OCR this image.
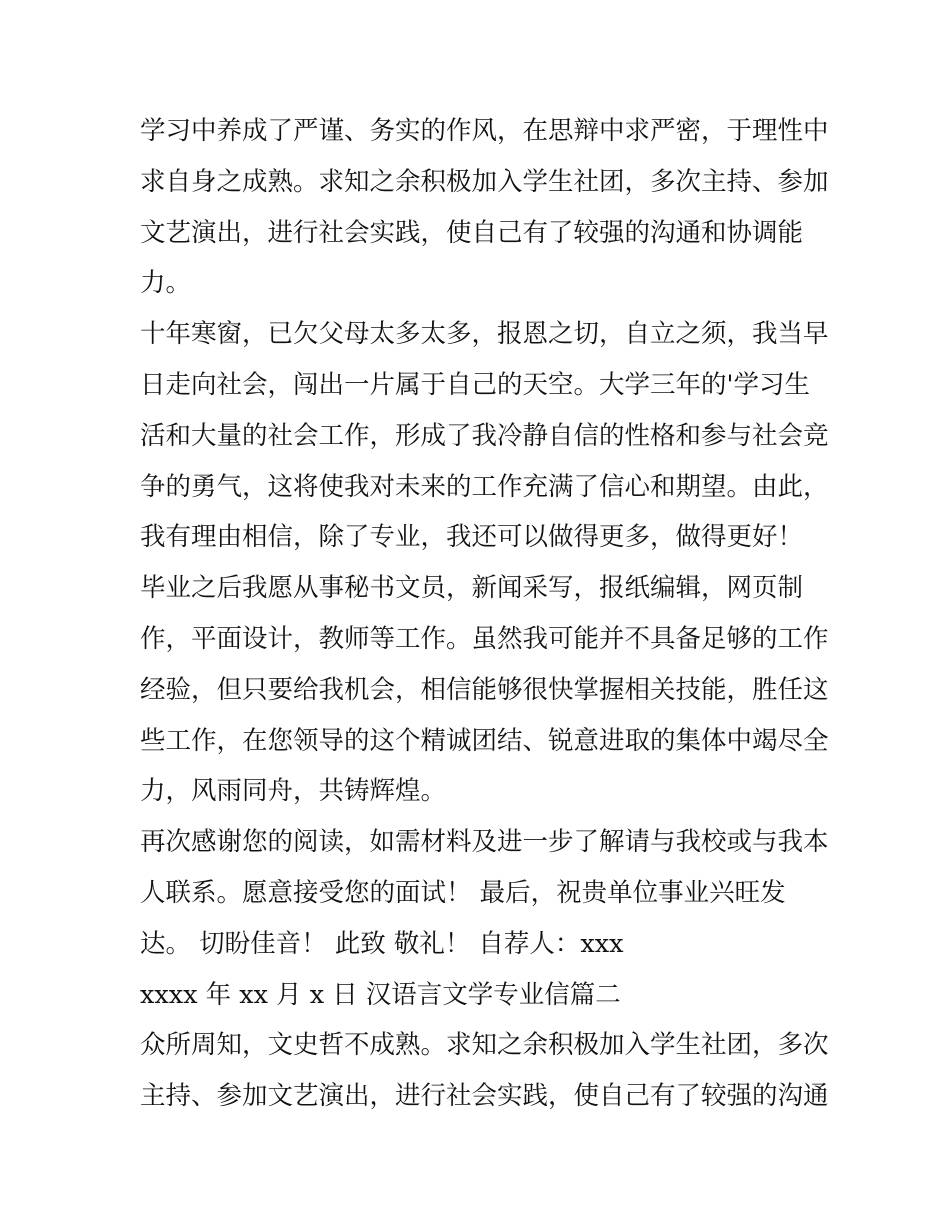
学习中养成了严谨、务实的作风，在思辩中求严密，于理性中
求自身之成熟。求知之余积极加入学生社团，多次主持、参加
文艺演出，进行社会实践，使自己有了较强的沟通和协调能
力。
十年寒窗，已欠父母太多太多，报恩之切，自立之须，我当早
日走向社会，闯出一片属于自己的天空。大学三年的'学习生
活和大量的社会工作，形成了我冷静自信的性格和参与社会竞
争的勇气，这将使我对未来的工作充满了信心和期望。由此，
我有理由相信，除了专业，我还可以做得更多，做得更好！
毕业之后我愿从事秘书文员，新闻采写，报纸编辑，网页制
作，平面设计，教师等工作。虽然我可能并不具备足够的工作
经验，但只要给我机会，相信能够很快掌握相关技能，胜任这
些工作，在您领导的这个精诚团结、锐意进取的集体中竭尽全
力，风雨同舟，共铸辉煌。
再次感谢您的阅读，如需材料及进一步了解请与我校或与我本
人联系。愿意接受您的面试！ 最后，祝贵单位事业兴旺发
达。 切盼佳音！ 此致 敬礼！ 自荐人：xxx
xxxx 年 xx 月 x 日 汉语言文学专业信篇二
众所周知，文史哲不成熟。求知之余积极加入学生社团，多次
主持、参加文艺演出，进行社会实践，使自己有了较强的沟通
